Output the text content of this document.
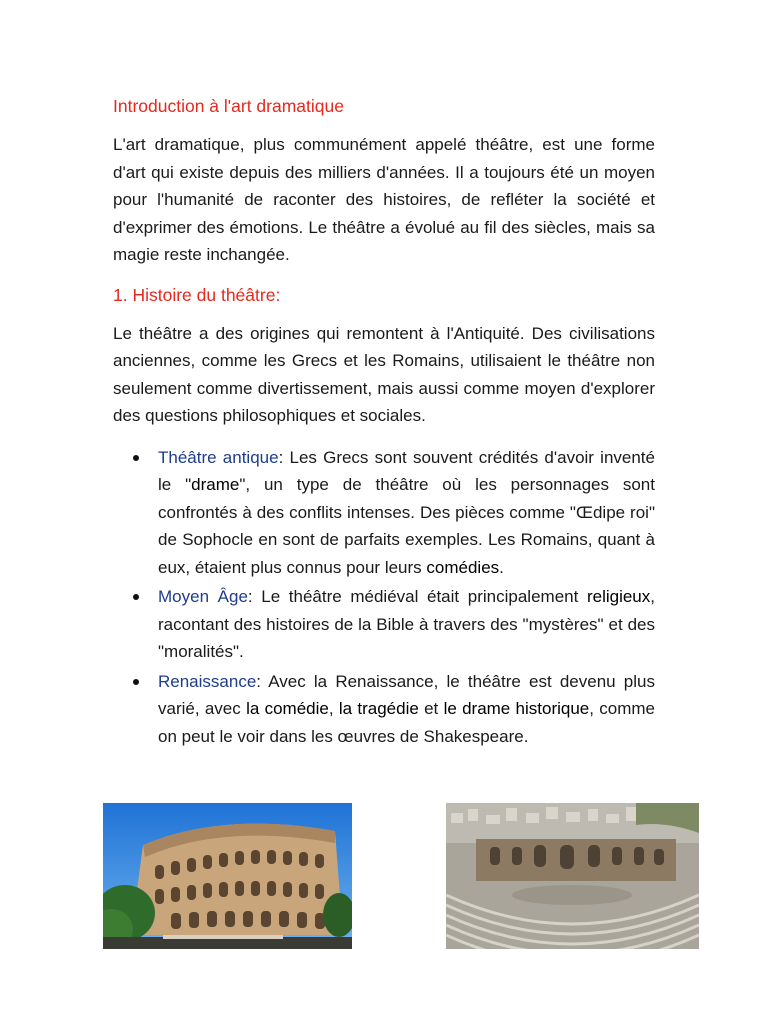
Introduction à l'art dramatique

L'art dramatique, plus communément appelé théâtre, est une forme d'art qui existe depuis des milliers d'années. Il a toujours été un moyen pour l'humanité de raconter des histoires, de refléter la société et d'exprimer des émotions. Le théâtre a évolué au fil des siècles, mais sa magie reste inchangée.

1. Histoire du théâtre:

Le théâtre a des origines qui remontent à l'Antiquité. Des civilisations anciennes, comme les Grecs et les Romains, utilisaient le théâtre non seulement comme divertissement, mais aussi comme moyen d'explorer des questions philosophiques et sociales.

Théâtre antique: Les Grecs sont souvent crédités d'avoir inventé le "drame", un type de théâtre où les personnages sont confrontés à des conflits intenses. Des pièces comme "Œdipe roi" de Sophocle en sont de parfaits exemples. Les Romains, quant à eux, étaient plus connus pour leurs comédies.
Moyen Âge: Le théâtre médiéval était principalement religieux, racontant des histoires de la Bible à travers des "mystères" et des "moralités".
Renaissance: Avec la Renaissance, le théâtre est devenu plus varié, avec la comédie, la tragédie et le drame historique, comme on peut le voir dans les œuvres de Shakespeare.
